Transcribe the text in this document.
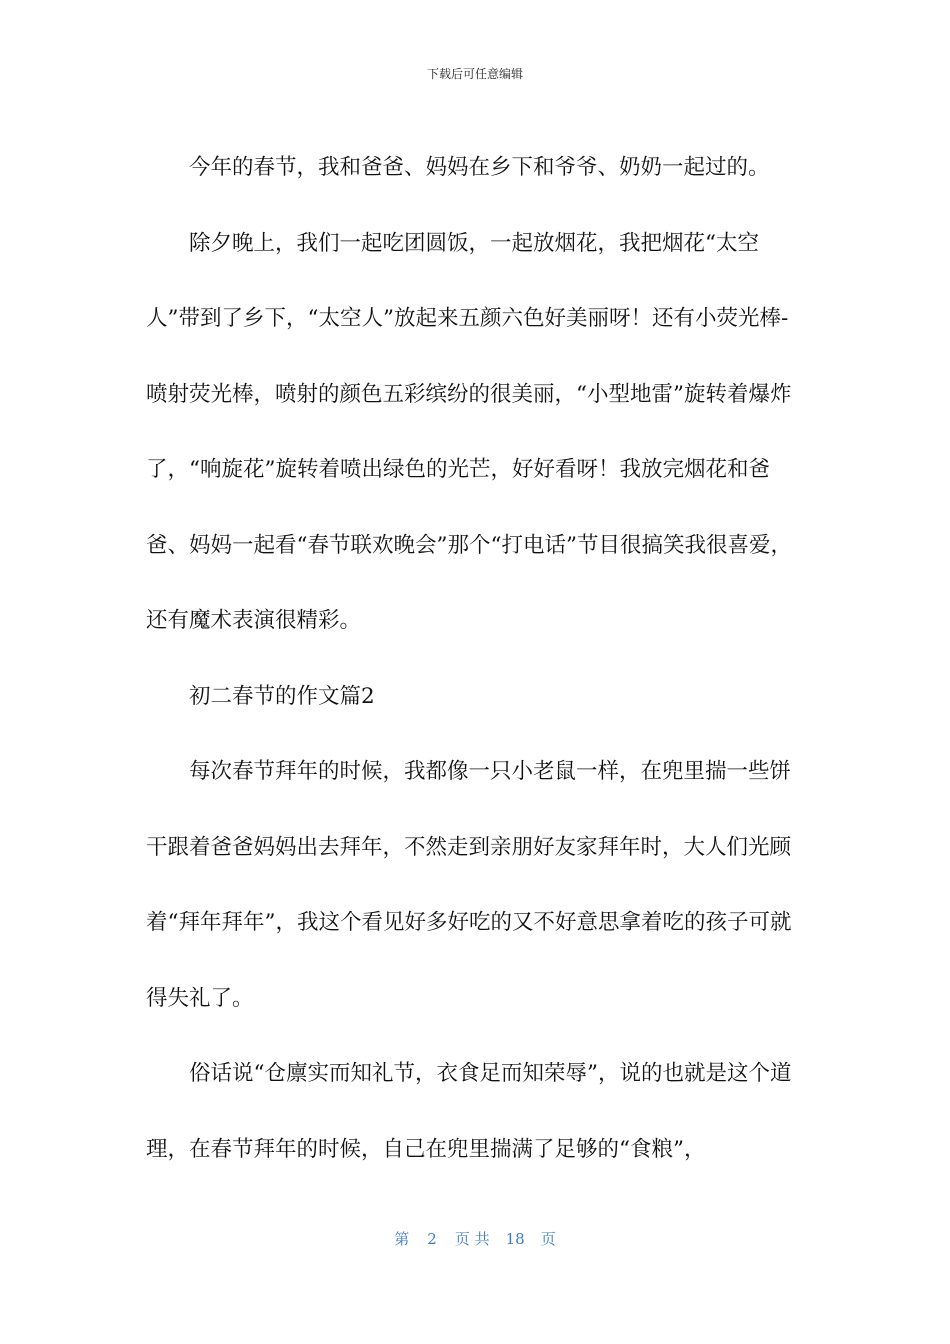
下载后可任意编辑

今年的春节，我和爸爸、妈妈在乡下和爷爷、奶奶一起过的。

除夕晚上，我们一起吃团圆饭，一起放烟花，我把烟花“太空人”带到了乡下，“太空人”放起来五颜六色好美丽呀！还有小荧光棒-喷射荧光棒，喷射的颜色五彩缤纷的很美丽，“小型地雷”旋转着爆炸了，“响旋花”旋转着喷出绿色的光芒，好好看呀！我放完烟花和爸爸、妈妈一起看“春节联欢晚会”那个“打电话”节目很搞笑我很喜爱，还有魔术表演很精彩。

初二春节的作文篇2

每次春节拜年的时候，我都像一只小老鼠一样，在兜里揣一些饼干跟着爸爸妈妈出去拜年，不然走到亲朋好友家拜年时，大人们光顾着“拜年拜年”，我这个看见好多好吃的又不好意思拿着吃的孩子可就得失礼了。

俗话说“仓廪实而知礼节，衣食足而知荣辱”，说的也就是这个道理，在春节拜年的时候，自己在兜里揣满了足够的“食粮”，

第 2 页 共 18 页
